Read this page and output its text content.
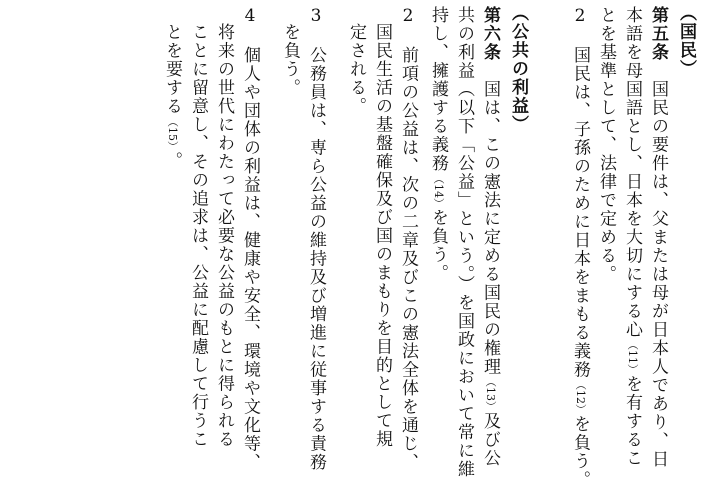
（国民）
第五条　国民の要件は、父または母が日本人であり、日
本語を母国語とし、日本を大切にする心（11）を有するこ
とを基準として、法律で定める。
2　国民は、子孫のために日本をまもる義務（12）を負う。
（公共の利益）
第六条　国は、この憲法に定める国民の権理（13）及び公
共の利益（以下「公益」という。）を国政において常に維
持し、擁護する義務（14）を負う。
2　前項の公益は、次の二章及びこの憲法全体を通じ、
国民生活の基盤確保及び国のまもりを目的として規
定される。
3　公務員は、専ら公益の維持及び増進に従事する責務
を負う。
4　個人や団体の利益は、健康や安全、環境や文化等、
将来の世代にわたって必要な公益のもとに得られる
ことに留意し、その追求は、公益に配慮して行うこ
とを要する（15）。
